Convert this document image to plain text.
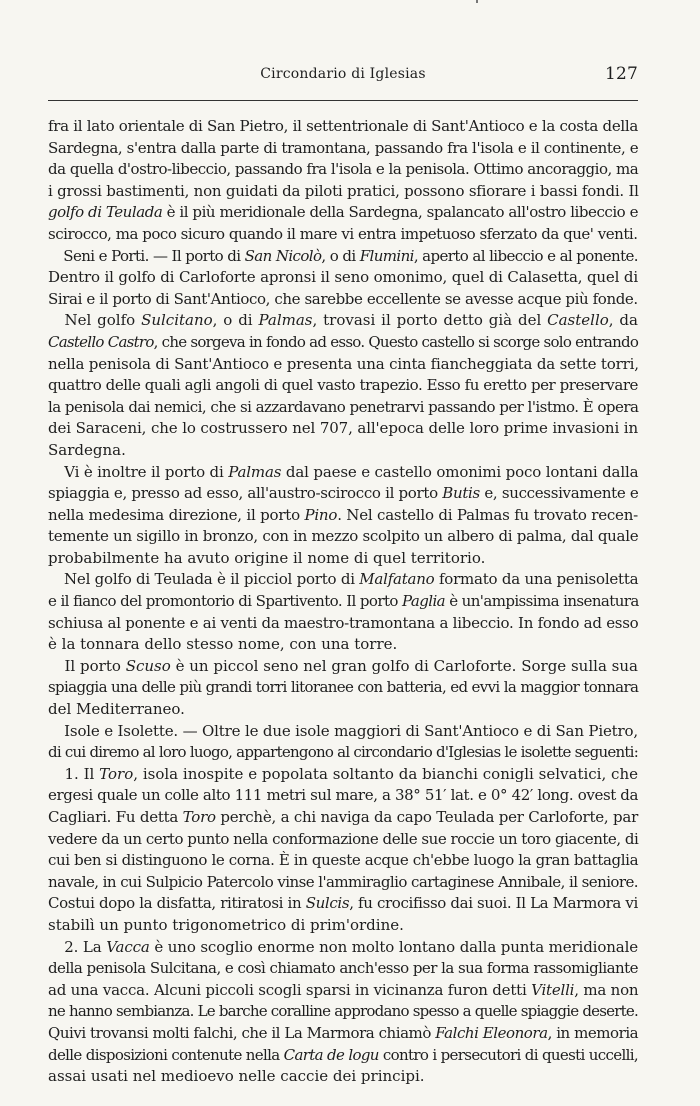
Circondario di Iglesias	127

fra il lato orientale di San Pietro, il settentrionale di Sant'Antioco e la costa della
Sardegna, s'entra dalla parte di tramontana, passando fra l'isola e il continente, e
da quella d'ostro-libeccio, passando fra l'isola e la penisola. Ottimo ancoraggio, ma
i grossi bastimenti, non guidati da piloti pratici, possono sfiorare i bassi fondi. Il
golfo di Teulada è il più meridionale della Sardegna, spalancato all'ostro libeccio e
scirocco, ma poco sicuro quando il mare vi entra impetuoso sferzato da que' venti.

  Seni e Porti. — Il porto di San Nicolò, o di Flumini, aperto al libeccio e al ponente.
Dentro il golfo di Carloforte apronsi il seno omonimo, quel di Calasetta, quel di
Sirai e il porto di Sant'Antioco, che sarebbe eccellente se avesse acque più fonde.

  Nel golfo Sulcitano, o di Palmas, trovasi il porto detto già del Castello, da
Castello Castro, che sorgeva in fondo ad esso. Questo castello si scorge solo entrando
nella penisola di Sant'Antioco e presenta una cinta fiancheggiata da sette torri,
quattro delle quali agli angoli di quel vasto trapezio. Esso fu eretto per preservare
la penisola dai nemici, che si azzardavano penetrarvi passando per l'istmo. È opera
dei Saraceni, che lo costrussero nel 707, all'epoca delle loro prime invasioni in
Sardegna.

  Vi è inoltre il porto di Palmas dal paese e castello omonimi poco lontani dalla
spiaggia e, presso ad esso, all'austro-scirocco il porto Butis e, successivamente e
nella medesima direzione, il porto Pino. Nel castello di Palmas fu trovato recen-
temente un sigillo in bronzo, con in mezzo scolpito un albero di palma, dal quale
probabilmente ha avuto origine il nome di quel territorio.

  Nel golfo di Teulada è il picciol porto di Malfatano formato da una penisoletta
e il fianco del promontorio di Spartivento. Il porto Paglia è un'ampissima insenatura
schiusa al ponente e ai venti da maestro-tramontana a libeccio. In fondo ad esso
è la tonnara dello stesso nome, con una torre.

  Il porto Scuso è un piccol seno nel gran golfo di Carloforte. Sorge sulla sua
spiaggia una delle più grandi torri litoranee con batteria, ed evvi la maggior tonnara
del Mediterraneo.

  Isole e Isolette. — Oltre le due isole maggiori di Sant'Antioco e di San Pietro,
di cui diremo al loro luogo, appartengono al circondario d'Iglesias le isolette seguenti:

  1. Il Toro, isola inospite e popolata soltanto da bianchi conigli selvatici, che
ergesi quale un colle alto 111 metri sul mare, a 38° 51′ lat. e 0° 42′ long. ovest da
Cagliari. Fu detta Toro perchè, a chi naviga da capo Teulada per Carloforte, par
vedere da un certo punto nella conformazione delle sue roccie un toro giacente, di
cui ben si distinguono le corna. È in queste acque ch'ebbe luogo la gran battaglia
navale, in cui Sulpicio Patercolo vinse l'ammiraglio cartaginese Annibale, il seniore.
Costui dopo la disfatta, ritiratosi in Sulcis, fu crocifisso dai suoi. Il La Marmora vi
stabilì un punto trigonometrico di prim'ordine.

  2. La Vacca è uno scoglio enorme non molto lontano dalla punta meridionale
della penisola Sulcitana, e così chiamato anch'esso per la sua forma rassomigliante
ad una vacca. Alcuni piccoli scogli sparsi in vicinanza furon detti Vitelli, ma non
ne hanno sembianza. Le barche coralline approdano spesso a quelle spiaggie deserte.
Quivi trovansi molti falchi, che il La Marmora chiamò Falchi Eleonora, in memoria
delle disposizioni contenute nella Carta de logu contro i persecutori di questi uccelli,
assai usati nel medioevo nelle caccie dei principi.
